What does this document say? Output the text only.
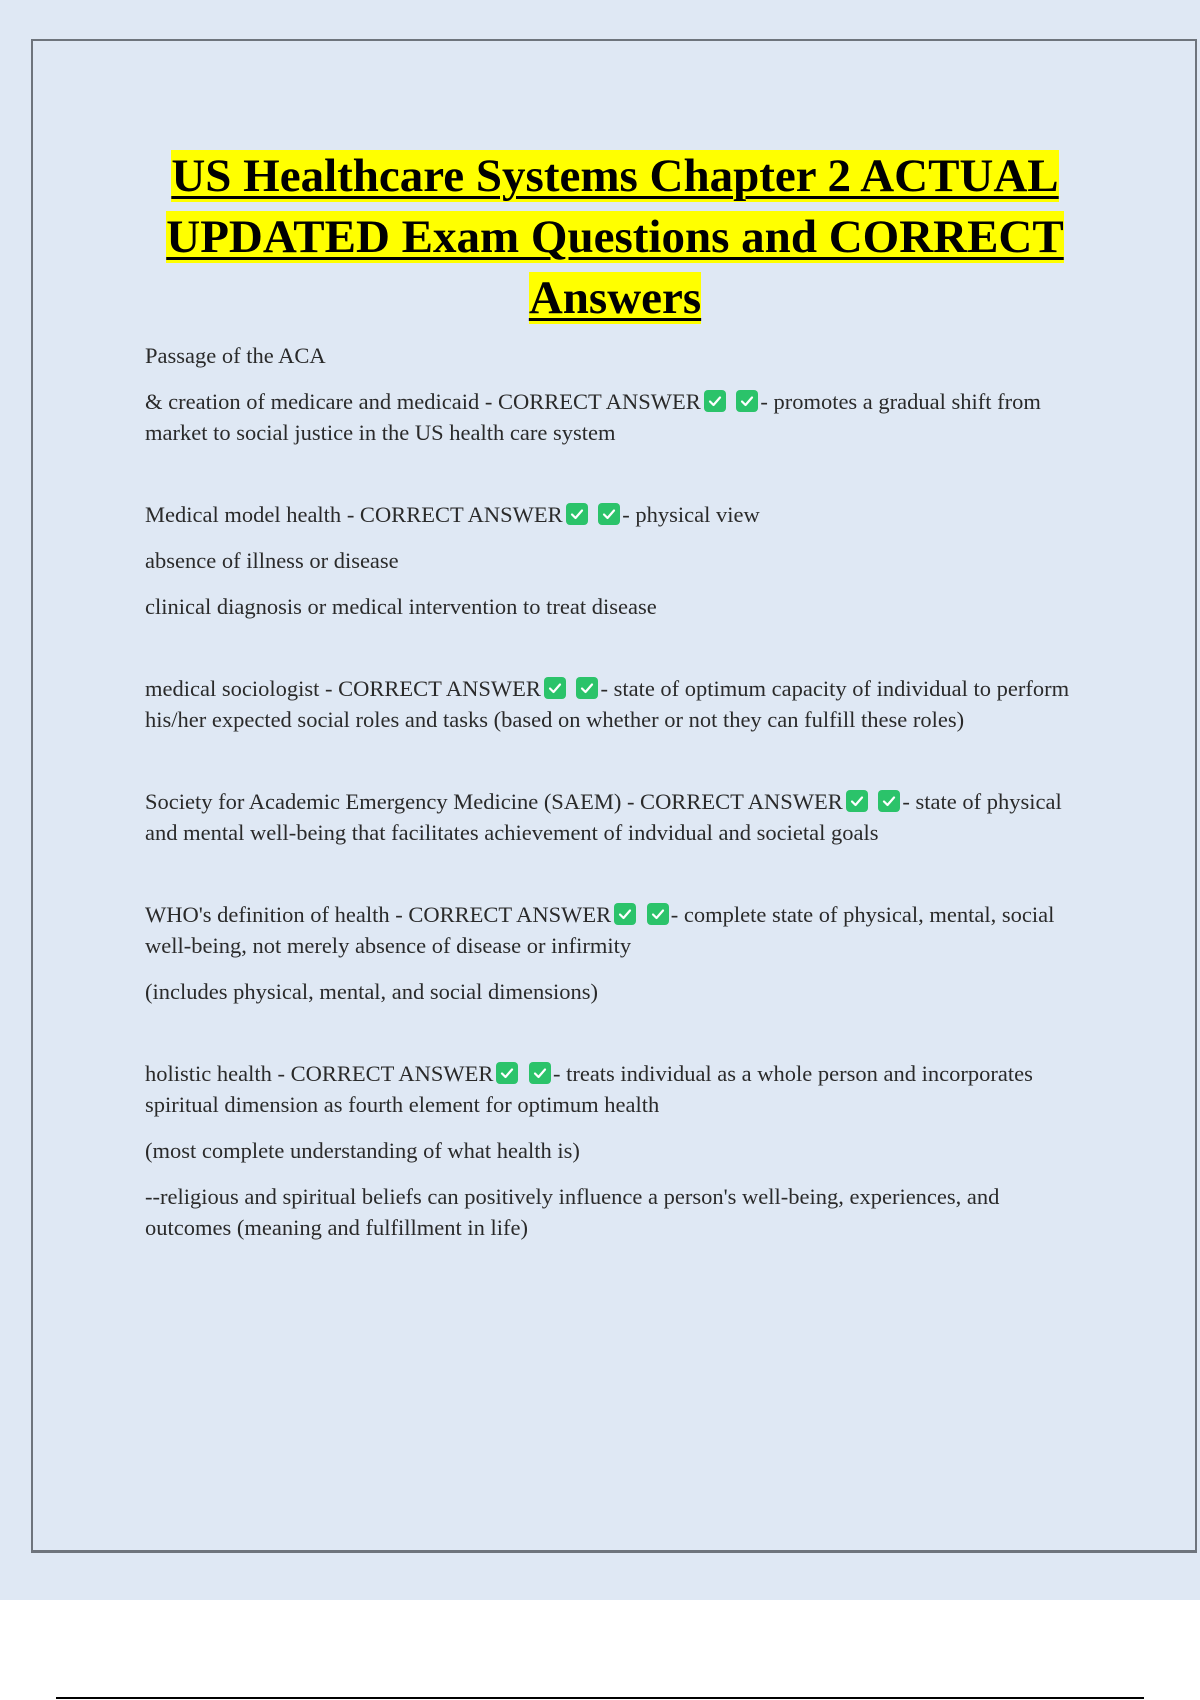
US Healthcare Systems Chapter 2 ACTUAL UPDATED Exam Questions and CORRECT Answers

Passage of the ACA

& creation of medicare and medicaid - CORRECT ANSWER
	- promotes a gradual shift from market to social justice in the US health care system

Medical model health - CORRECT ANSWER
	- physical view

absence of illness or disease

clinical diagnosis or medical intervention to treat disease

medical sociologist - CORRECT ANSWER
	- state of optimum capacity of individual to perform his/her expected social roles and tasks (based on whether or not they can fulfill these roles)

Society for Academic Emergency Medicine (SAEM) - CORRECT ANSWER
	- state of physical and mental well-being that facilitates achievement of indvidual and societal goals

WHO's definition of health - CORRECT ANSWER
	- complete state of physical, mental, social well-being, not merely absence of disease or infirmity

(includes physical, mental, and social dimensions)

holistic health - CORRECT ANSWER
	- treats individual as a whole person and incorporates spiritual dimension as fourth element for optimum health

(most complete understanding of what health is)

--religious and spiritual beliefs can positively influence a person's well-being, experiences, and outcomes (meaning and fulfillment in life)
